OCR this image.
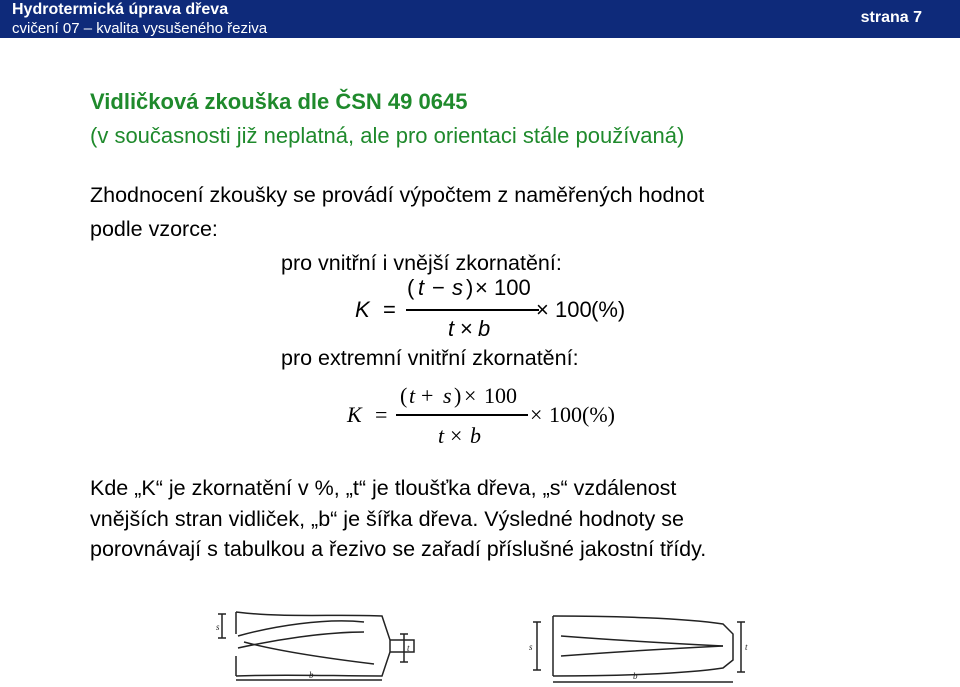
Hydrotermická úprava dřeva
cvičení 07 – kvalita vysušeného řeziva
strana 7
Vidličková zkouška dle ČSN 49 0645
(v současnosti již neplatná, ale pro orientaci stále používaná)
Zhodnocení zkoušky se provádí výpočtem z naměřených hodnot
podle vzorce:
pro vnitřní i vnější zkornatění:
K =
( t − s ) × 100
t × b
× 100 (%)
pro extremní vnitřní zkornatění:
K =
( t + s ) × 100
t × b
× 100(%)
Kde „K“ je zkornatění v %, „t“ je tloušťka dřeva, „s“ vzdálenost
vnějších stran vidliček, „b“ je šířka dřeva. Výsledné hodnoty se
porovnávají s tabulkou a řezivo se zařadí příslušné jakostní třídy.
s
t
b
s	t
b
